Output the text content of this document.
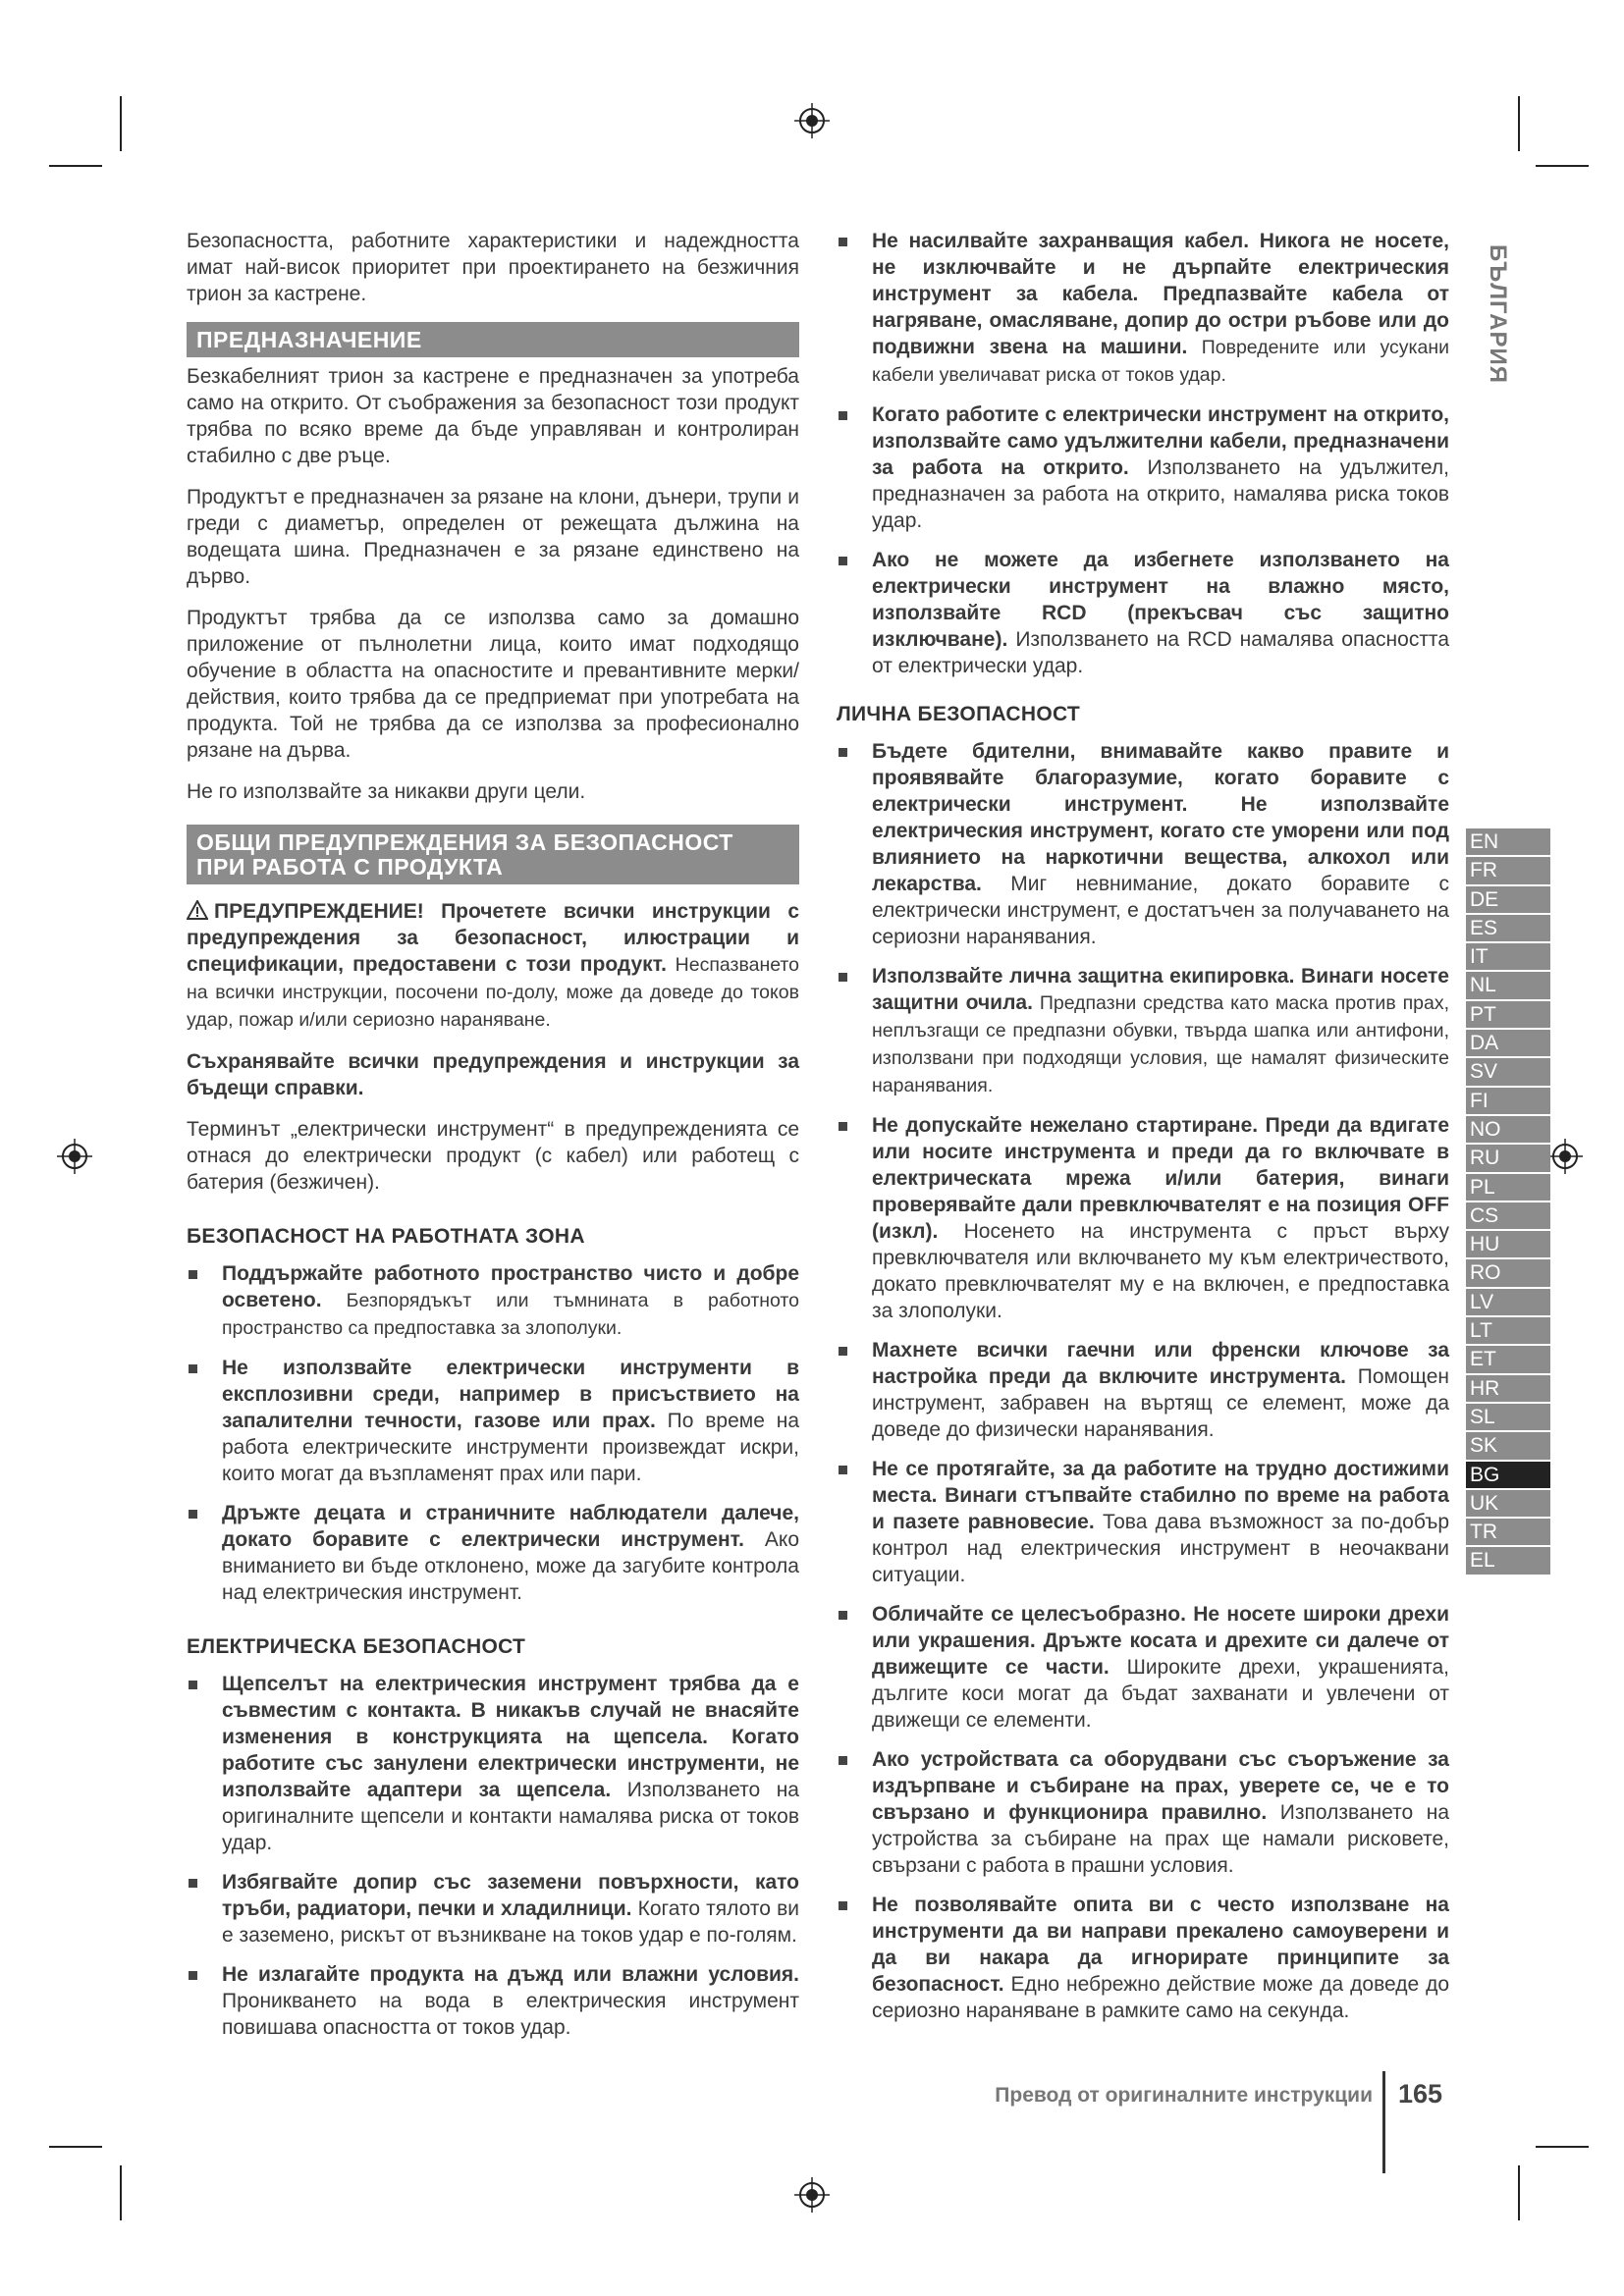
Безопасността, работните характеристики и надеждността имат най-висок приоритет при проектирането на безжичния трион за кастрене.

ПРЕДНАЗНАЧЕНИЕ

Безкабелният трион за кастрене е предназначен за употреба само на открито. От съображения за безопасност този продукт трябва по всяко време да бъде управляван и контролиран стабилно с две ръце.

Продуктът е предназначен за рязане на клони, дънери, трупи и греди с диаметър, определен от режещата дължина на водещата шина. Предназначен е за рязане единствено на дърво.

Продуктът трябва да се използва само за домашно приложение от пълнолетни лица, които имат подходящо обучение в областта на опасностите и превантивните мерки/действия, които трябва да се предприемат при употребата на продукта. Той не трябва да се използва за професионално рязане на дърва.

Не го използвайте за никакви други цели.

ОБЩИ ПРЕДУПРЕЖДЕНИЯ ЗА БЕЗОПАСНОСТ
ПРИ РАБОТА С ПРОДУКТА

ПРЕДУПРЕЖДЕНИЕ! Прочетете всички инструкции с предупреждения за безопасност, илюстрации и спецификации, предоставени с този продукт. Неспазването на всички инструкции, посочени по-долу, може да доведе до токов удар, пожар и/или сериозно нараняване.

Съхранявайте всички предупреждения и инструкции за бъдещи справки.

Терминът „електрически инструмент“ в предупрежденията се отнася до електрически продукт (с кабел) или работещ с батерия (безжичен).

БЕЗОПАСНОСТ НА РАБОТНАТА ЗОНА
Поддържайте работното пространство чисто и добре осветено. Безпорядъкът или тъмнината в работното пространство са предпоставка за злополуки.
Не използвайте електрически инструменти в експлозивни среди, например в присъствието на запалителни течности, газове или прах. По време на работа електрическите инструменти произвеждат искри, които могат да възпламенят прах или пари.
Дръжте децата и страничните наблюдатели далече, докато боравите с електрически инструмент. Ако вниманието ви бъде отклонено, може да загубите контрола над електрическия инструмент.
ЕЛЕКТРИЧЕСКА БЕЗОПАСНОСТ
Щепселът на електрическия инструмент трябва да е съвместим с контакта. В никакъв случай не внасяйте изменения в конструкцията на щепсела. Когато работите със занулени електрически инструменти, не използвайте адаптери за щепсела. Използването на оригиналните щепсели и контакти намалява риска от токов удар.
Избягвайте допир със заземени повърхности, като тръби, радиатори, печки и хладилници. Когато тялото ви е заземено, рискът от възникване на токов удар е по-голям.
Не излагайте продукта на дъжд или влажни условия. Проникването на вода в електрическия инструмент повишава опасността от токов удар.
Не насилвайте захранващия кабел. Никога не носете, не изключвайте и не дърпайте електрическия инструмент за кабела. Предпазвайте кабела от нагряване, омасляване, допир до остри ръбове или до подвижни звена на машини. Повредените или усукани кабели увеличават риска от токов удар.
Когато работите с електрически инструмент на открито, използвайте само удължителни кабели, предназначени за работа на открито. Използването на удължител, предназначен за работа на открито, намалява риска токов удар.
Ако не можете да избегнете използването на електрически инструмент на влажно място, използвайте RCD (прекъсвач със защитно изключване). Използването на RCD намалява опасността от електрически удар.
ЛИЧНА БЕЗОПАСНОСТ
Бъдете бдителни, внимавайте какво правите и проявявайте благоразумие, когато боравите с електрически инструмент. Не използвайте електрическия инструмент, когато сте уморени или под влиянието на наркотични вещества, алкохол или лекарства. Миг невнимание, докато боравите с електрически инструмент, е достатъчен за получаването на сериозни наранявания.
Използвайте лична защитна екипировка. Винаги носете защитни очила. Предпазни средства като маска против прах, неплъзгащи се предпазни обувки, твърда шапка или антифони, използвани при подходящи условия, ще намалят физическите наранявания.
Не допускайте нежелано стартиране. Преди да вдигате или носите инструмента и преди да го включвате в електрическата мрежа и/или батерия, винаги проверявайте дали превключвателят е на позиция OFF (изкл). Носенето на инструмента с пръст върху превключвателя или включването му към електричеството, докато превключвателят му е на включен, е предпоставка за злополуки.
Махнете всички гаечни или френски ключове за настройка преди да включите инструмента. Помощен инструмент, забравен на въртящ се елемент, може да доведе до физически наранявания.
Не се протягайте, за да работите на трудно достижими места. Винаги стъпвайте стабилно по време на работа и пазете равновесие. Това дава възможност за по-добър контрол над електрическия инструмент в неочаквани ситуации.
Обличайте се целесъобразно. Не носете широки дрехи или украшения. Дръжте косата и дрехите си далече от движещите се части. Широките дрехи, украшенията, дългите коси могат да бъдат захванати и увлечени от движещи се елементи.
Ако устройствата са оборудвани със съоръжение за издърпване и събиране на прах, уверете се, че е то свързано и функционира правилно. Използването на устройства за събиране на прах ще намали рисковете, свързани с работа в прашни условия.
Не позволявайте опита ви с често използване на инструменти да ви направи прекалено самоуверени и да ви накара да игнорирате принципите за безопасност. Едно небрежно действие може да доведе до сериозно нараняване в рамките само на секунда.
БЪЛГАРИЯ
EN
FR
DE
ES
IT
NL
PT
DA
SV
FI
NO
RU
PL
CS
HU
RO
LV
LT
ET
HR
SL
SK
BG
UK
TR
EL
Превод от оригиналните инструкции 165
